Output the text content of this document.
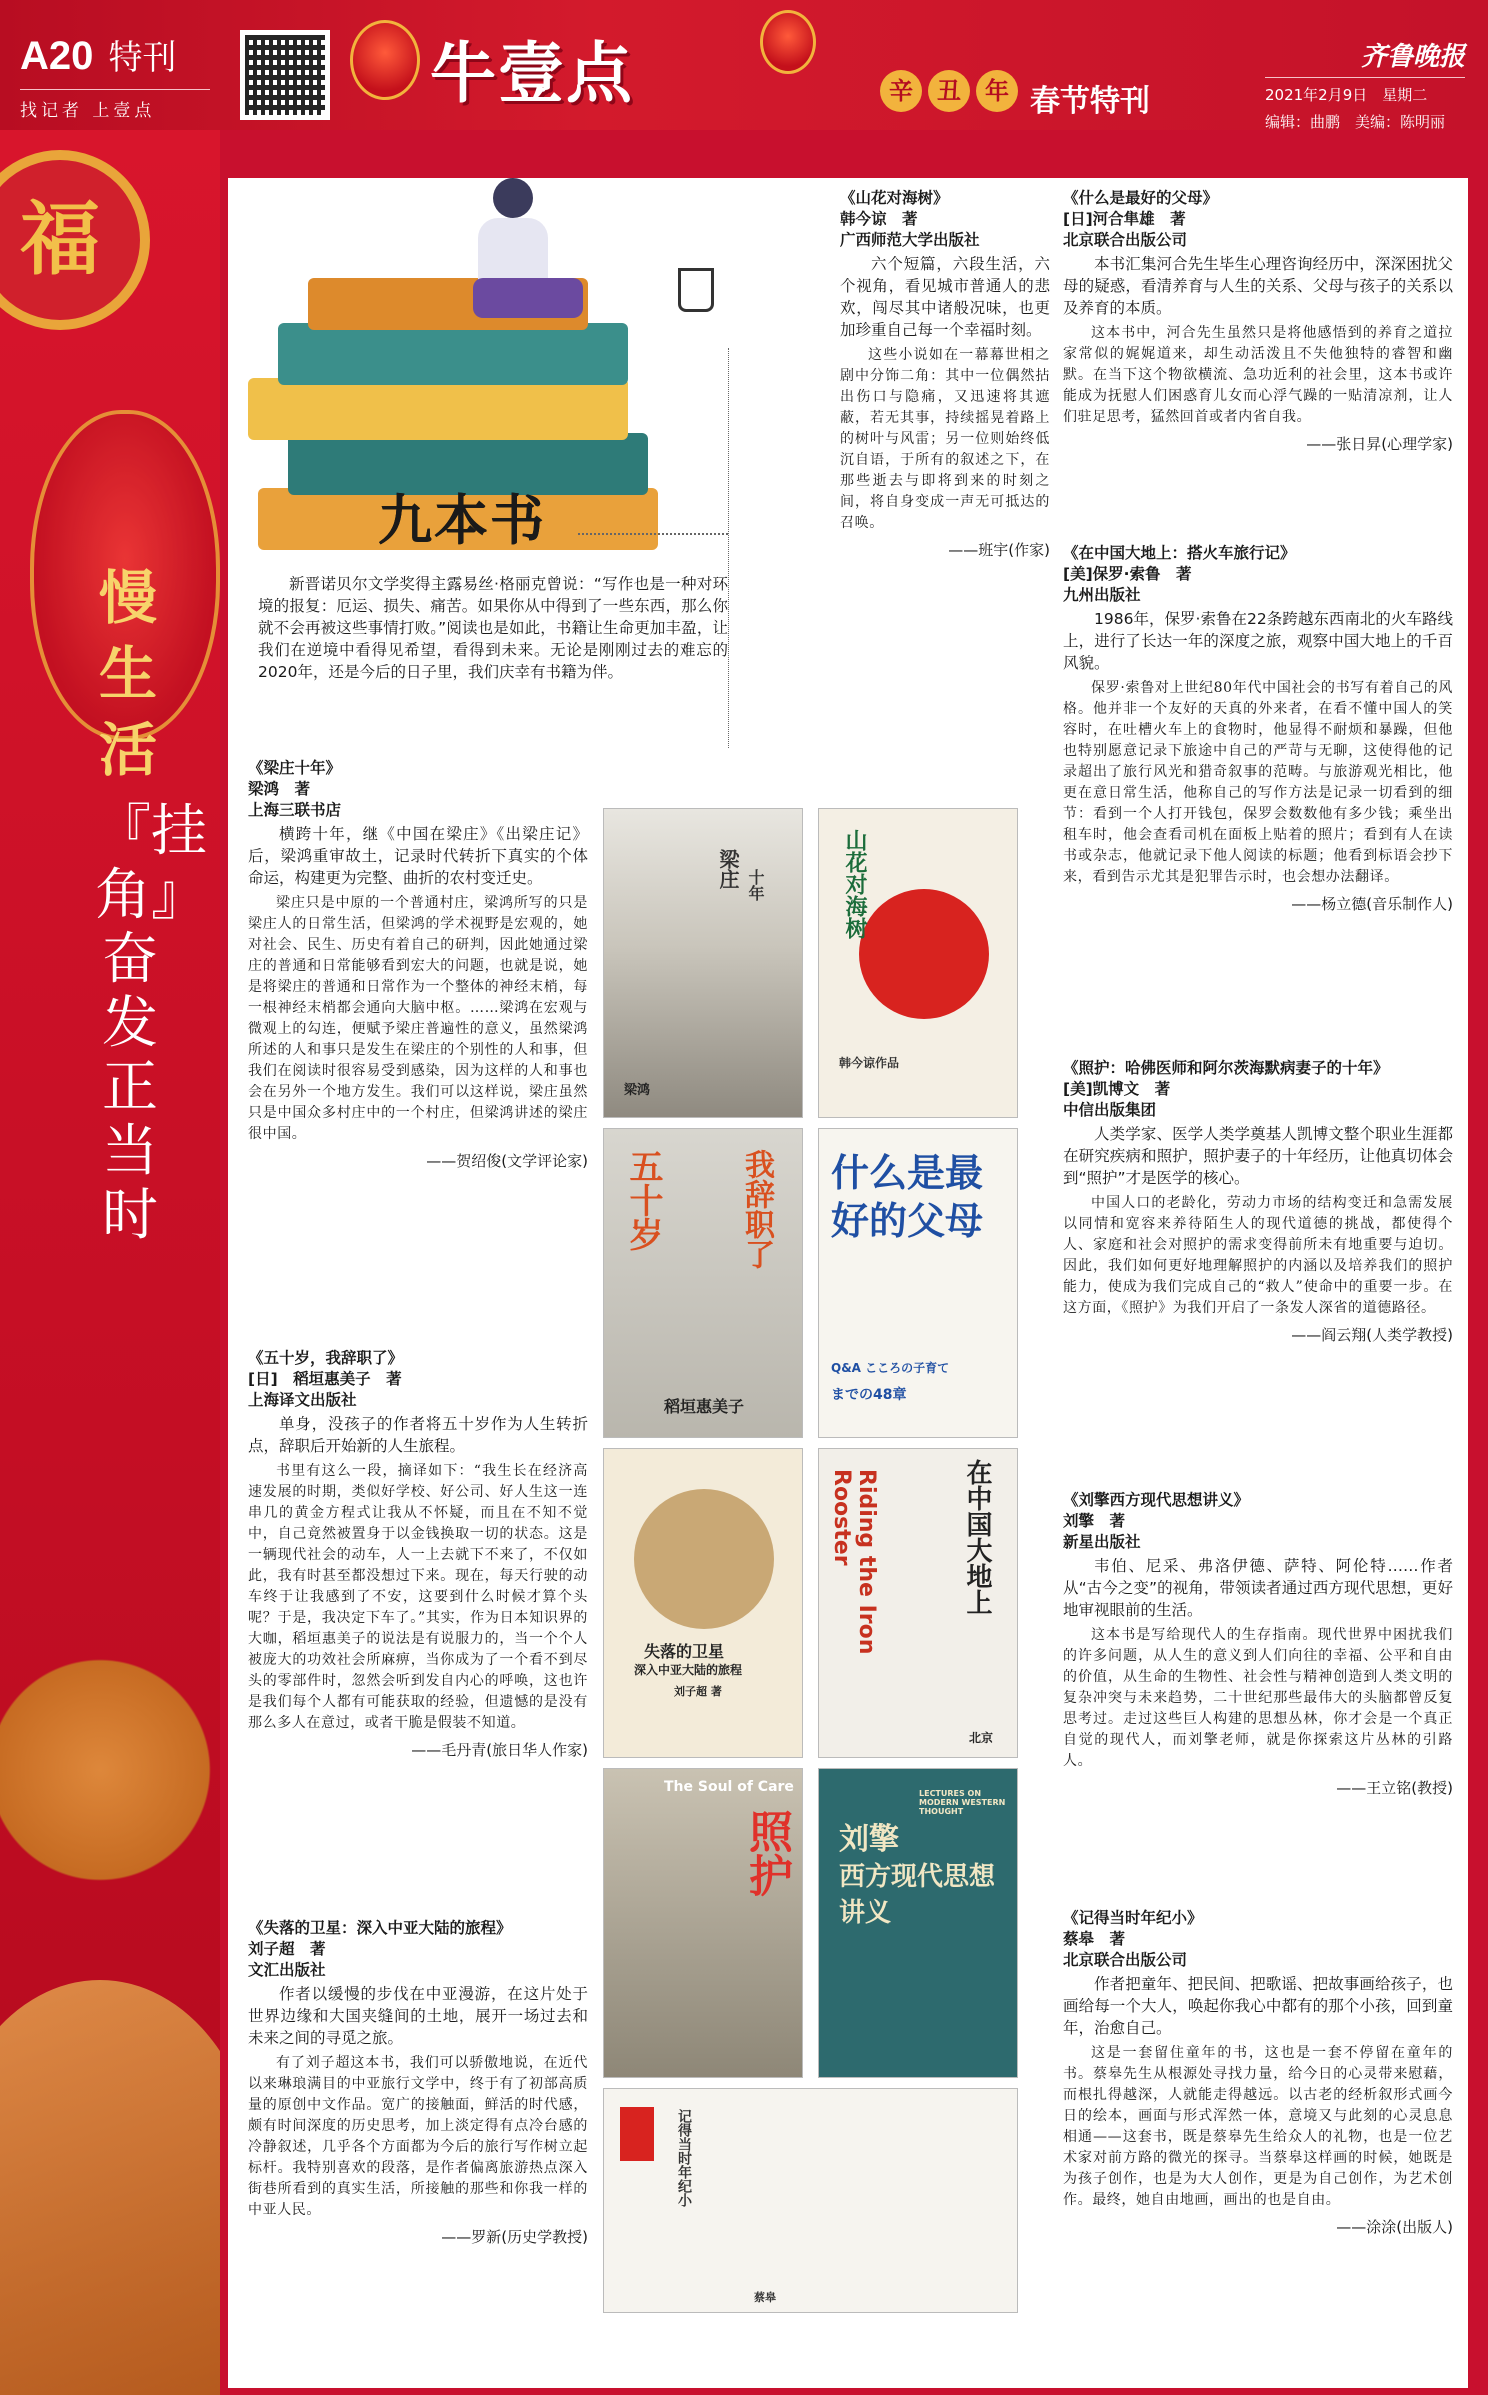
A20 特刊
找记者 上壹点	牛壹点	辛 丑 年 春节特刊
齐鲁晚报
2021年2月9日　星期二
编辑：曲鹏　美编：陈明丽
福
慢生活
『挂角』奋发正当时
九本书
新晋诺贝尔文学奖得主露易丝·格丽克曾说：“写作也是一种对环境的报复：厄运、损失、痛苦。如果你从中得到了一些东西，那么你就不会再被这些事情打败。”阅读也是如此，书籍让生命更加丰盈，让我们在逆境中看得见希望，看得到未来。无论是刚刚过去的难忘的2020年，还是今后的日子里，我们庆幸有书籍为伴。
《梁庄十年》
梁鸿　著
上海三联书店
横跨十年，继《中国在梁庄》《出梁庄记》后，梁鸿重审故土，记录时代转折下真实的个体命运，构建更为完整、曲折的农村变迁史。
梁庄只是中原的一个普通村庄，梁鸿所写的只是梁庄人的日常生活，但梁鸿的学术视野是宏观的，她对社会、民生、历史有着自己的研判，因此她通过梁庄的普通和日常能够看到宏大的问题，也就是说，她是将梁庄的普通和日常作为一个整体的神经末梢，每一根神经末梢都会通向大脑中枢。……梁鸿在宏观与微观上的勾连，便赋予梁庄普遍性的意义，虽然梁鸿所述的人和事只是发生在梁庄的个别性的人和事，但我们在阅读时很容易受到感染，因为这样的人和事也会在另外一个地方发生。我们可以这样说，梁庄虽然只是中国众多村庄中的一个村庄，但梁鸿讲述的梁庄很中国。
——贺绍俊(文学评论家)
《五十岁，我辞职了》
[日]　稻垣惠美子　著
上海译文出版社
单身，没孩子的作者将五十岁作为人生转折点，辞职后开始新的人生旅程。
书里有这么一段，摘译如下：“我生长在经济高速发展的时期，类似好学校、好公司、好人生这一连串几的黄金方程式让我从不怀疑，而且在不知不觉中，自己竟然被置身于以金钱换取一切的状态。这是一辆现代社会的动车，人一上去就下不来了，不仅如此，我有时甚至都没想过下来。现在，每天行驶的动车终于让我感到了不安，这要到什么时候才算个头呢？于是，我决定下车了。”其实，作为日本知识界的大咖，稻垣惠美子的说法是有说服力的，当一个个人被庞大的功效社会所麻痹，当你成为了一个看不到尽头的零部件时，忽然会听到发自内心的呼唤，这也许是我们每个人都有可能获取的经验，但遗憾的是没有那么多人在意过，或者干脆是假装不知道。
——毛丹青(旅日华人作家)
《失落的卫星：深入中亚大陆的旅程》
刘子超　著
文汇出版社
作者以缓慢的步伐在中亚漫游，在这片处于世界边缘和大国夹缝间的土地，展开一场过去和未来之间的寻觅之旅。
有了刘子超这本书，我们可以骄傲地说，在近代以来琳琅满目的中亚旅行文学中，终于有了初部高质量的原创中文作品。宽广的接触面，鲜活的时代感，颇有时间深度的历史思考，加上淡定得有点冷台感的冷静叙述，几乎各个方面都为今后的旅行写作树立起标杆。我特别喜欢的段落，是作者偏离旅游热点深入街巷所看到的真实生活，所接触的那些和你我一样的中亚人民。
——罗新(历史学教授)
《山花对海树》
韩今谅　著
广西师范大学出版社
六个短篇，六段生活，六个视角，看见城市普通人的悲欢，闯尽其中诸般况味，也更加珍重自己每一个幸福时刻。
这些小说如在一幕幕世相之剧中分饰二角：其中一位偶然拈出伤口与隐痛，又迅速将其遮蔽，若无其事，持续摇晃着路上的树叶与风雷；另一位则始终低沉自语，于所有的叙述之下，在那些逝去与即将到来的时刻之间，将自身变成一声无可抵达的召唤。
——班宇(作家)
梁庄 十年
梁鸿
山花对海树
韩今谅作品
五十岁	我辞职了
稻垣惠美子
什么是最好的父母
Q&A こころの子育て
までの48章
失落的卫星
深入中亚大陆的旅程
刘子超 著
在中国大地上
Riding the Iron Rooster
北京
照护
The Soul of Care
刘擎
西方现代思想讲义
LECTURES ON MODERN WESTERN THOUGHT
记得当时年纪小
蔡皋
《什么是最好的父母》
[日]河合隼雄　著
北京联合出版公司
本书汇集河合先生毕生心理咨询经历中，深深困扰父母的疑惑，看清养育与人生的关系、父母与孩子的关系以及养育的本质。
这本书中，河合先生虽然只是将他感悟到的养育之道拉家常似的娓娓道来，却生动活泼且不失他独特的睿智和幽默。在当下这个物欲横流、急功近利的社会里，这本书或许能成为抚慰人们困惑育儿女而心浮气躁的一贴清凉剂，让人们驻足思考，猛然回首或者内省自我。
——张日昇(心理学家)
《在中国大地上：搭火车旅行记》
[美]保罗·索鲁　著
九州出版社
1986年，保罗·索鲁在22条跨越东西南北的火车路线上，进行了长达一年的深度之旅，观察中国大地上的千百风貌。
保罗·索鲁对上世纪80年代中国社会的书写有着自己的风格。他并非一个友好的天真的外来者，在看不懂中国人的笑容时，在吐槽火车上的食物时，他显得不耐烦和暴躁，但他也特别愿意记录下旅途中自己的严苛与无聊，这使得他的记录超出了旅行风光和猎奇叙事的范畴。与旅游观光相比，他更在意日常生活，他称自己的写作方法是记录一切看到的细节：看到一个人打开钱包，保罗会数数他有多少钱；乘坐出租车时，他会查看司机在面板上贴着的照片；看到有人在读书或杂志，他就记录下他人阅读的标题；他看到标语会抄下来，看到告示尤其是犯罪告示时，也会想办法翻译。
——杨立德(音乐制作人)
《照护：哈佛医师和阿尔茨海默病妻子的十年》
[美]凯博文　著
中信出版集团
人类学家、医学人类学奠基人凯博文整个职业生涯都在研究疾病和照护，照护妻子的十年经历，让他真切体会到“照护”才是医学的核心。
中国人口的老龄化，劳动力市场的结构变迁和急需发展以同情和宽容来养待陌生人的现代道德的挑战，都使得个人、家庭和社会对照护的需求变得前所未有地重要与迫切。因此，我们如何更好地理解照护的内涵以及培养我们的照护能力，使成为我们完成自己的“救人”使命中的重要一步。在这方面，《照护》为我们开启了一条发人深省的道德路径。
——阎云翔(人类学教授)
《刘擎西方现代思想讲义》
刘擎　著
新星出版社
韦伯、尼采、弗洛伊德、萨特、阿伦特……作者从“古今之变”的视角，带领读者通过西方现代思想，更好地审视眼前的生活。
这本书是写给现代人的生存指南。现代世界中困扰我们的许多问题，从人生的意义到人们向往的幸福、公平和自由的价值，从生命的生物性、社会性与精神创造到人类文明的复杂冲突与未来趋势，二十世纪那些最伟大的头脑都曾反复思考过。走过这些巨人构建的思想丛林，你才会是一个真正自觉的现代人，而刘擎老师，就是你探索这片丛林的引路人。
——王立铭(教授)
《记得当时年纪小》
蔡皋　著
北京联合出版公司
作者把童年、把民间、把歌谣、把故事画给孩子，也画给每一个大人，唤起你我心中都有的那个小孩，回到童年，治愈自己。
这是一套留住童年的书，这也是一套不停留在童年的书。蔡皋先生从根源处寻找力量，给今日的心灵带来慰藉，而根扎得越深，人就能走得越远。以古老的经析叙形式画今日的绘本，画面与形式浑然一体，意境又与此刻的心灵息息相通——这套书，既是蔡皋先生给众人的礼物，也是一位艺术家对前方路的微光的探寻。当蔡皋这样画的时候，她既是为孩子创作，也是为大人创作，更是为自己创作，为艺术创作。最终，她自由地画，画出的也是自由。
——涂涂(出版人)
